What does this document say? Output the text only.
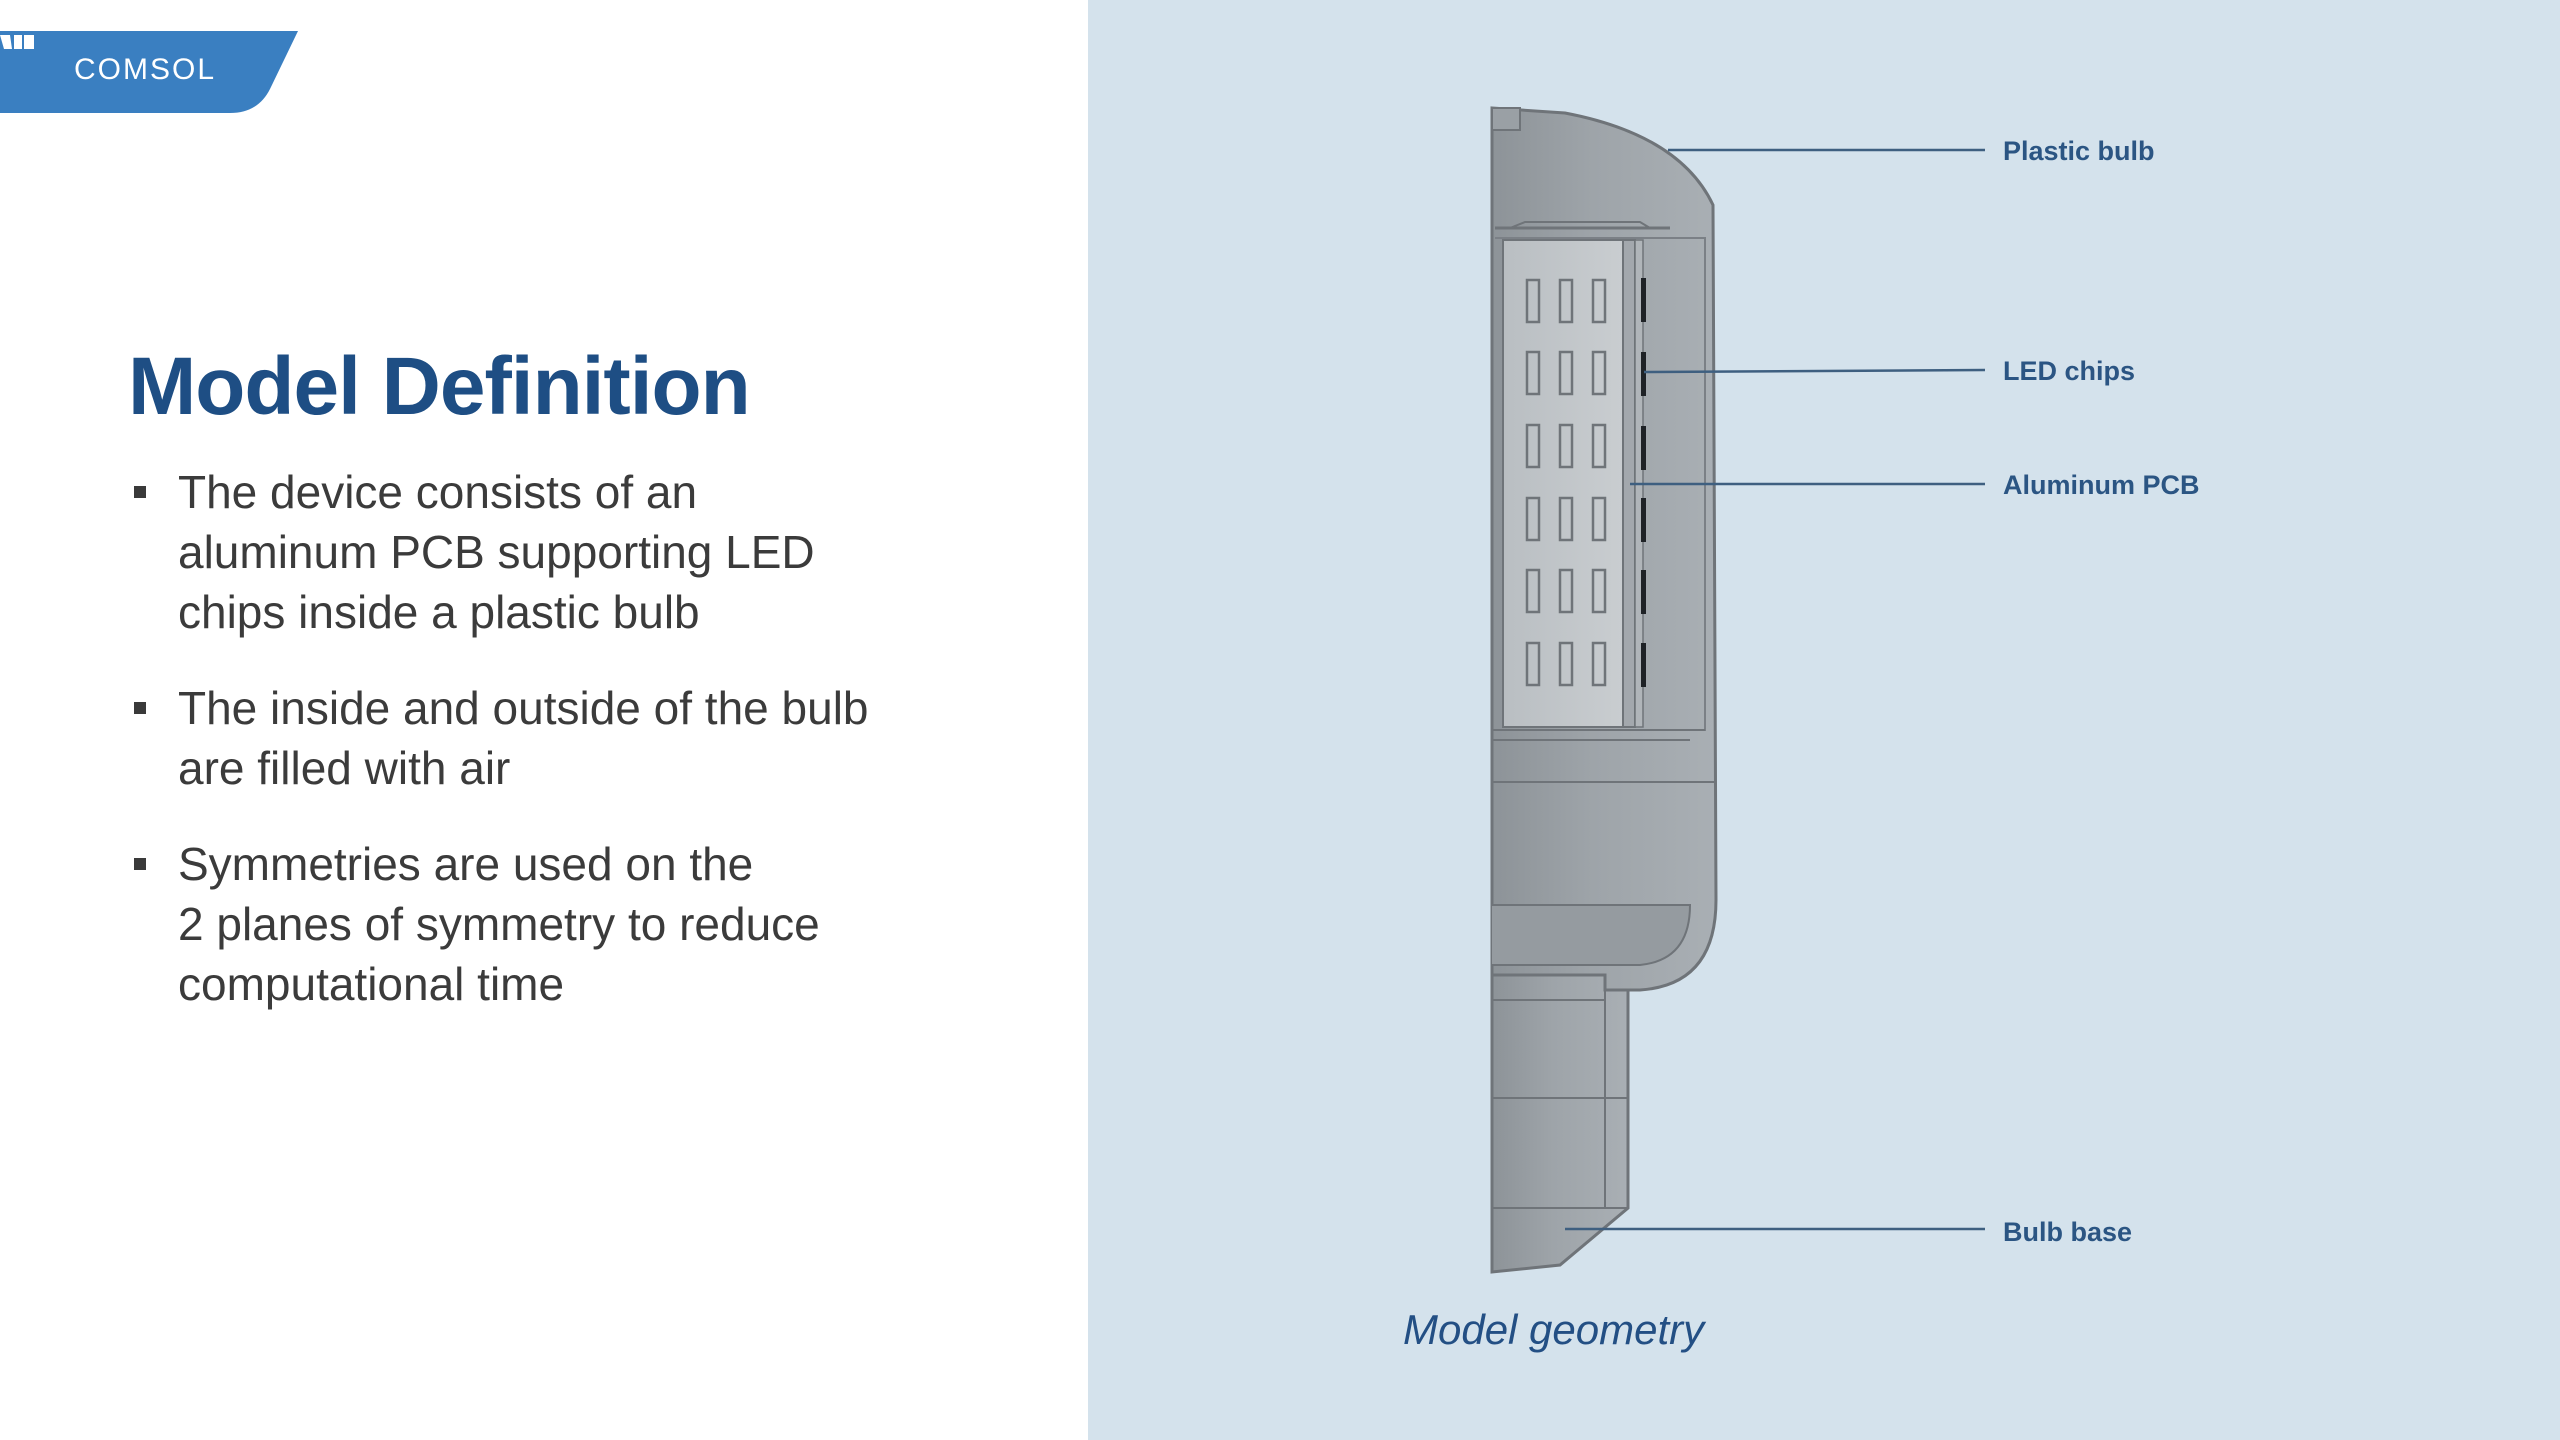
COMSOL
Model Definition
The device consists of an
aluminum PCB supporting LED
chips inside a plastic bulb
The inside and outside of the bulb
are filled with air
Symmetries are used on the
2 planes of symmetry to reduce
computational time
Plastic bulb
LED chips
Aluminum PCB
Bulb base
Model geometry
